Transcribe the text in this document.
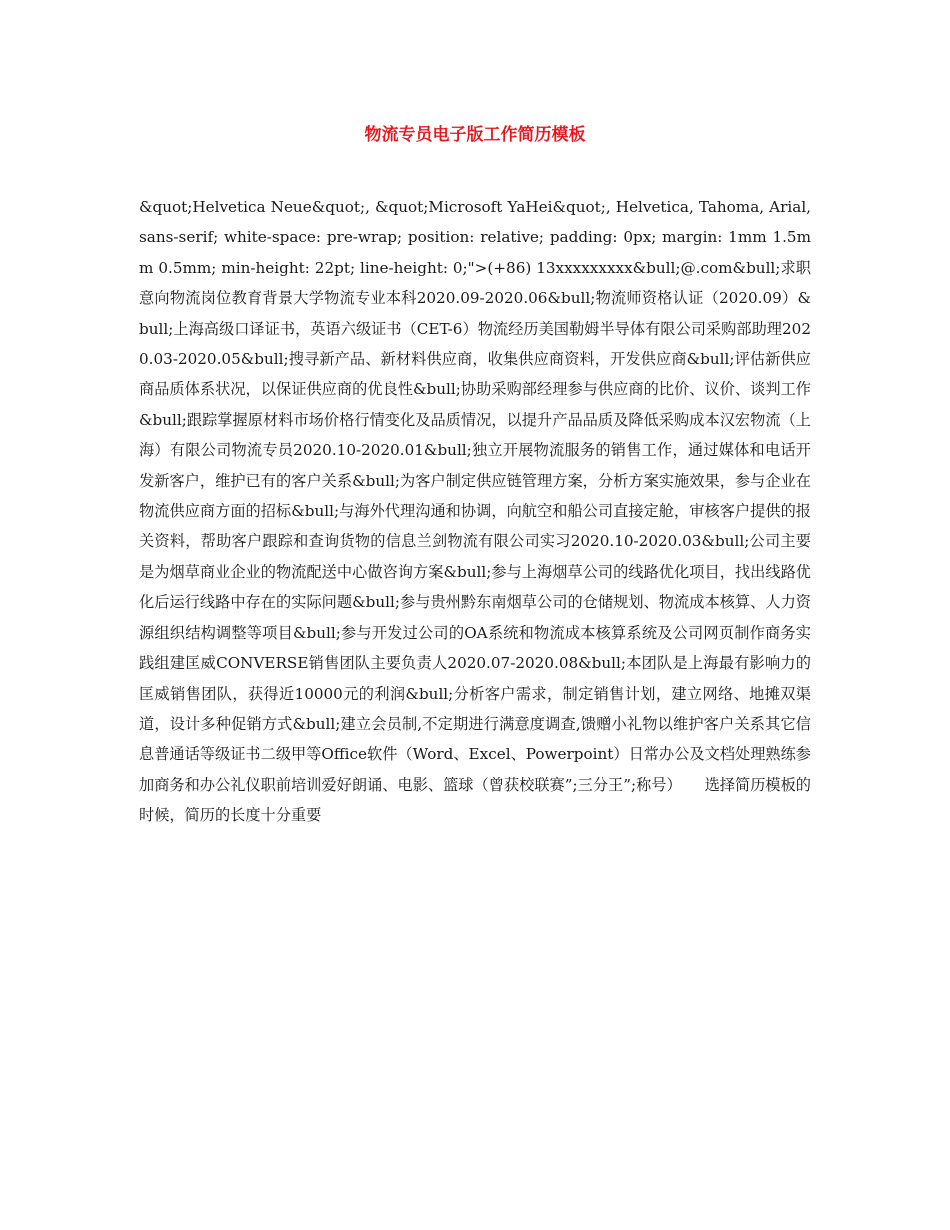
物流专员电子版工作简历模板

&quot;Helvetica Neue&quot;, &quot;Microsoft YaHei&quot;, Helvetica, Tahoma, Arial, sans-serif; white-space: pre-wrap; position: relative; padding: 0px; margin: 1mm 1.5mm 0.5mm; min-height: 22pt; line-height: 0;">(+86) 13xxxxxxxxx&bull;@.com&bull;求职意向物流岗位教育背景大学物流专业本科2020.09-2020.06&bull;物流师资格认证（2020.09）&bull;上海高级口译证书，英语六级证书（CET-6）物流经历美国勒姆半导体有限公司采购部助理2020.03-2020.05&bull;搜寻新产品、新材料供应商，收集供应商资料，开发供应商&bull;评估新供应商品质体系状况，以保证供应商的优良性&bull;协助采购部经理参与供应商的比价、议价、谈判工作&bull;跟踪掌握原材料市场价格行情变化及品质情况，以提升产品品质及降低采购成本汉宏物流（上海）有限公司物流专员2020.10-2020.01&bull;独立开展物流服务的销售工作，通过媒体和电话开发新客户，维护已有的客户关系&bull;为客户制定供应链管理方案，分析方案实施效果，参与企业在物流供应商方面的招标&bull;与海外代理沟通和协调，向航空和船公司直接定舱，审核客户提供的报关资料，帮助客户跟踪和查询货物的信息兰剑物流有限公司实习2020.10-2020.03&bull;公司主要是为烟草商业企业的物流配送中心做咨询方案&bull;参与上海烟草公司的线路优化项目，找出线路优化后运行线路中存在的实际问题&bull;参与贵州黔东南烟草公司的仓储规划、物流成本核算、人力资源组织结构调整等项目&bull;参与开发过公司的OA系统和物流成本核算系统及公司网页制作商务实践组建匡威CONVERSE销售团队主要负责人2020.07-2020.08&bull;本团队是上海最有影响力的匡威销售团队，获得近10000元的利润&bull;分析客户需求，制定销售计划，建立网络、地摊双渠道，设计多种促销方式&bull;建立会员制,不定期进行满意度调查,馈赠小礼物以维护客户关系其它信息普通话等级证书二级甲等Office软件（Word、Excel、Powerpoint）日常办公及文档处理熟练参加商务和办公礼仪职前培训爱好朗诵、电影、篮球（曾获校联赛”;三分王”;称号）　　选择简历模板的时候，简历的长度十分重要
